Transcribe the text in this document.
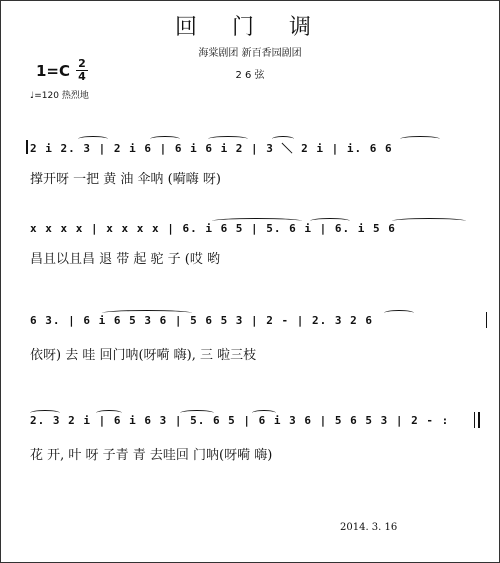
回 门 调
海棠剧团 新百香园剧团
1=C 2
4	2 6 弦
♩=120 热烈地
2 i 2. 3 | 2 i 6 | 6 i 6 i 2 | 3 ＼ 2 i | i. 6 6
撑开呀 一把 黄 油 伞呐 (嗬嗨 呀)
x x x x | x x x x | 6. i 6 5 | 5. 6 i | 6. i 5 6
昌且以且昌 退 带 起 驼 子 (哎 哟
6 3. | 6 i 6 5 3 6 | 5 6 5 3 | 2 - | 2. 3 2 6
依呀) 去 哇 回门呐(呀嗬 嗨), 三 啦三枝
2. 3 2 i | 6 i 6 3 | 5. 6 5 | 6 i 3 6 | 5 6 5 3 | 2 - :
花 开, 叶 呀 子青 青 去哇回 门呐(呀嗬 嗨)
2014. 3. 16
